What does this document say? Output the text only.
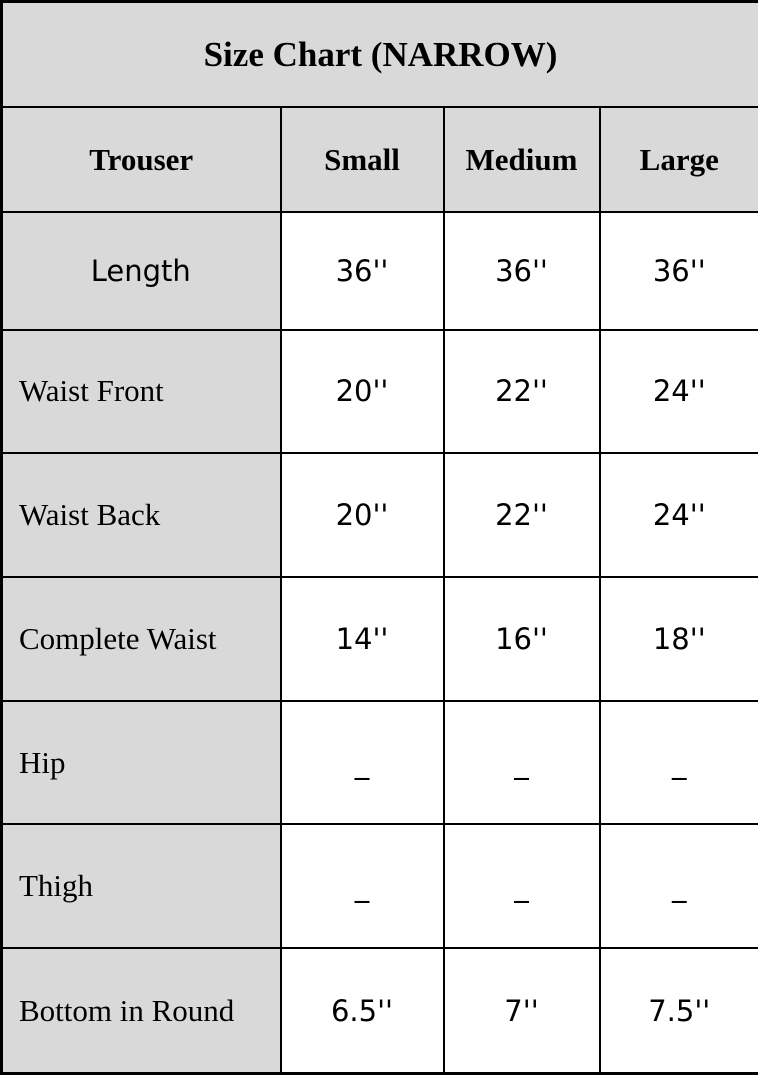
Size Chart (NARROW)			
Trouser	Small	Medium	Large
Length	36''	36''	36''
Waist Front	20''	22''	24''
Waist Back	20''	22''	24''
Complete Waist	14''	16''	18''
Hip	_	_	_
Thigh	_	_	_
Bottom in Round	6.5''	7''	7.5''
